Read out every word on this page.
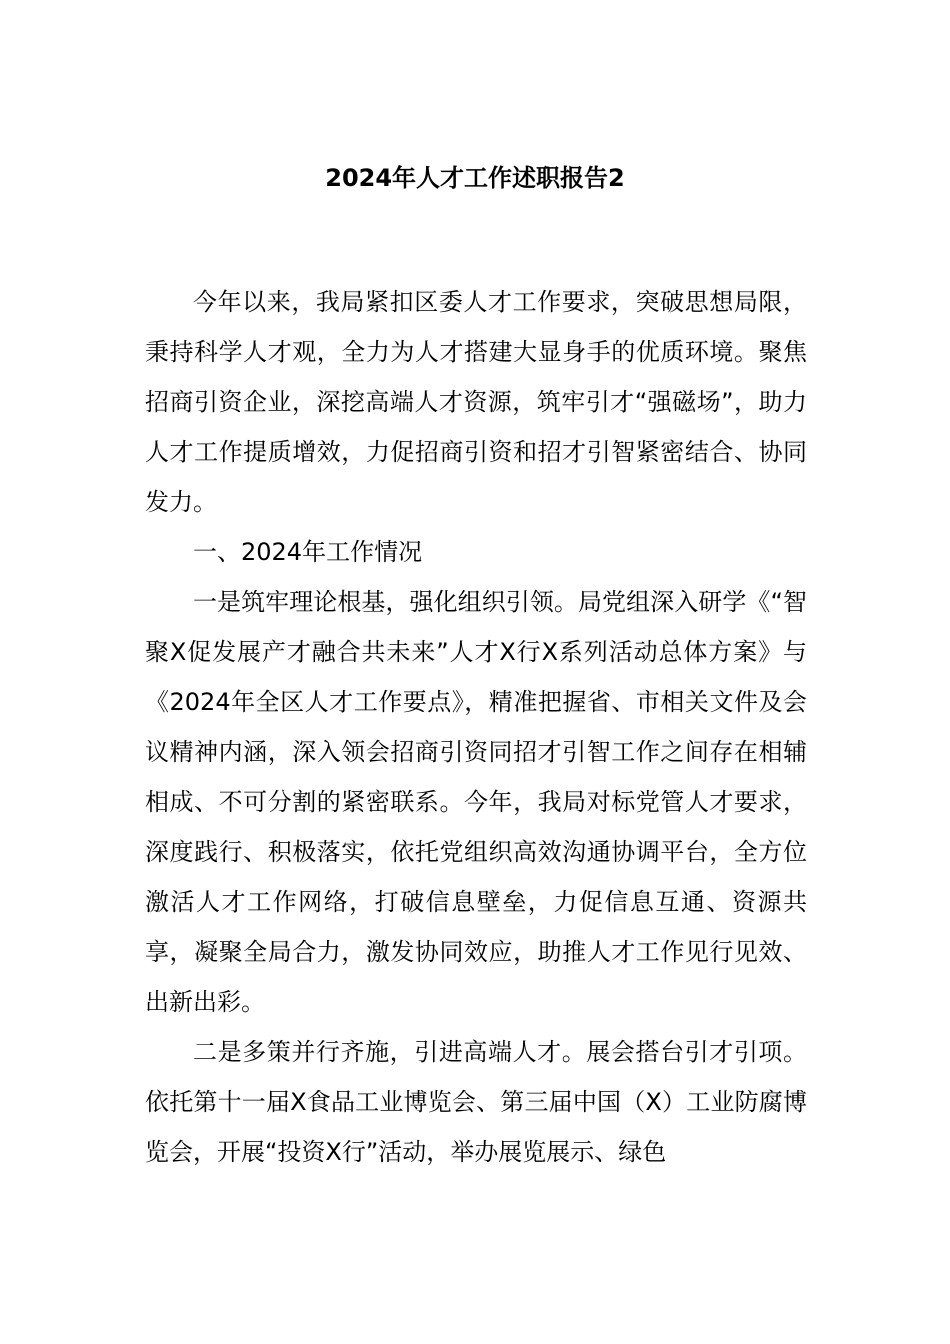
2024年人才工作述职报告2

今年以来，我局紧扣区委人才工作要求，突破思想局限，秉持科学人才观，全力为人才搭建大显身手的优质环境。聚焦招商引资企业，深挖高端人才资源，筑牢引才“强磁场”，助力人才工作提质增效，力促招商引资和招才引智紧密结合、协同发力。

一、2024年工作情况

一是筑牢理论根基，强化组织引领。局党组深入研学《“智聚X促发展产才融合共未来”人才X行X系列活动总体方案》与《2024年全区人才工作要点》，精准把握省、市相关文件及会议精神内涵，深入领会招商引资同招才引智工作之间存在相辅相成、不可分割的紧密联系。今年，我局对标党管人才要求，深度践行、积极落实，依托党组织高效沟通协调平台，全方位激活人才工作网络，打破信息壁垒，力促信息互通、资源共享，凝聚全局合力，激发协同效应，助推人才工作见行见效、出新出彩。

二是多策并行齐施，引进高端人才。展会搭台引才引项。依托第十一届X食品工业博览会、第三届中国（X）工业防腐博览会，开展“投资X行”活动，举办展览展示、绿色
